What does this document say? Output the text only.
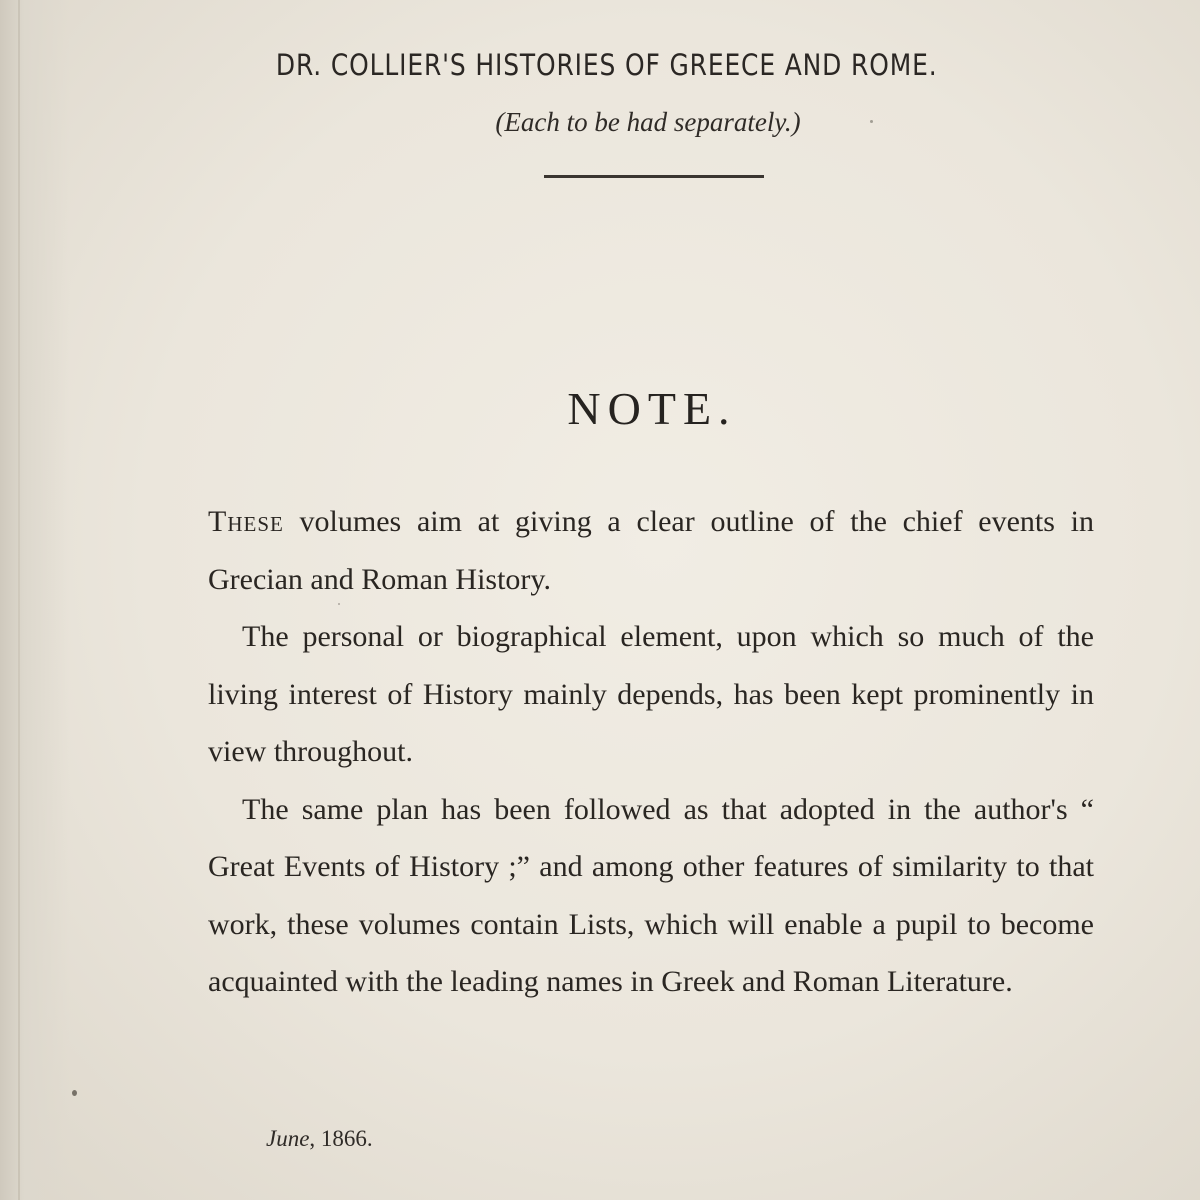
DR. COLLIER'S HISTORIES OF GREECE AND ROME.
(Each to be had separately.)
NOTE.

These volumes aim at giving a clear outline of the chief events in Grecian and Roman History.

The personal or biographical element, upon which so much of the living interest of History mainly depends, has been kept prominently in view throughout.

The same plan has been followed as that adopted in the author's “ Great Events of History ;” and among other features of similarity to that work, these volumes contain Lists, which will enable a pupil to become acquainted with the leading names in Greek and Roman Literature.

June, 1866.
